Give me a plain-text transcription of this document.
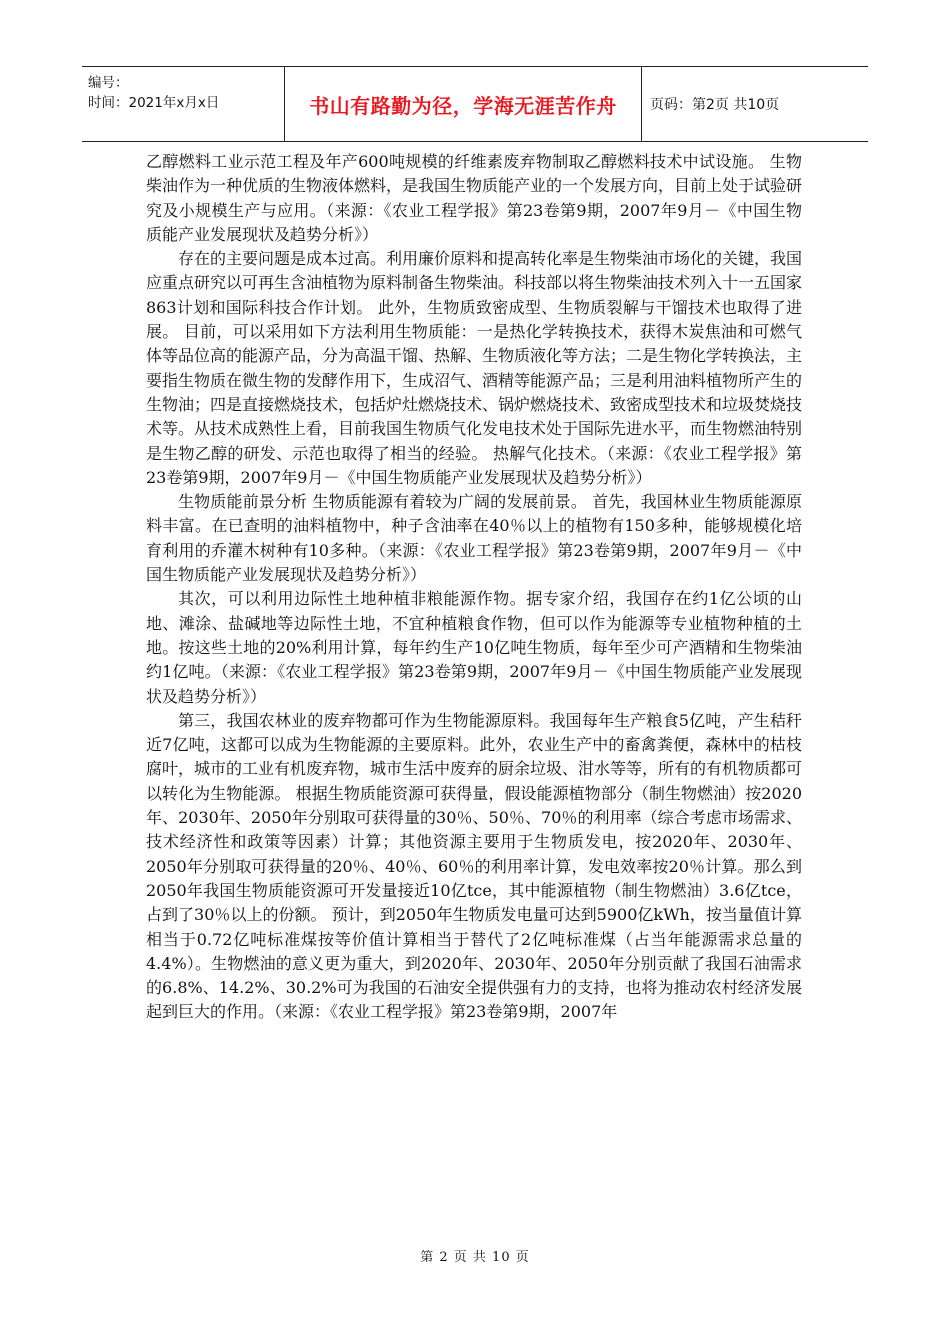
编号：
时间：2021年x月x日	书山有路勤为径，学海无涯苦作舟	页码：第2页 共10页

乙醇燃料工业示范工程及年产600吨规模的纤维素废弃物制取乙醇燃料技术中试设施。 生物柴油作为一种优质的生物液体燃料，是我国生物质能产业的一个发展方向，目前上处于试验研究及小规模生产与应用。（来源：《农业工程学报》第23卷第9期，2007年9月－《中国生物质能产业发展现状及趋势分析》）

存在的主要问题是成本过高。利用廉价原料和提高转化率是生物柴油市场化的关键，我国应重点研究以可再生含油植物为原料制备生物柴油。科技部以将生物柴油技术列入十一五国家863计划和国际科技合作计划。 此外，生物质致密成型、生物质裂解与干馏技术也取得了进展。 目前，可以采用如下方法利用生物质能：一是热化学转换技术，获得木炭焦油和可燃气体等品位高的能源产品，分为高温干馏、热解、生物质液化等方法；二是生物化学转换法，主要指生物质在微生物的发酵作用下，生成沼气、酒精等能源产品；三是利用油料植物所产生的生物油；四是直接燃烧技术，包括炉灶燃烧技术、锅炉燃烧技术、致密成型技术和垃圾焚烧技术等。从技术成熟性上看，目前我国生物质气化发电技术处于国际先进水平，而生物燃油特别是生物乙醇的研发、示范也取得了相当的经验。 热解气化技术。（来源：《农业工程学报》第23卷第9期，2007年9月－《中国生物质能产业发展现状及趋势分析》）

生物质能前景分析 生物质能源有着较为广阔的发展前景。 首先，我国林业生物质能源原料丰富。在已查明的油料植物中，种子含油率在40％以上的植物有150多种，能够规模化培育利用的乔灌木树种有10多种。（来源：《农业工程学报》第23卷第9期，2007年9月－《中国生物质能产业发展现状及趋势分析》）

其次，可以利用边际性土地种植非粮能源作物。据专家介绍，我国存在约1亿公顷的山地、滩涂、盐碱地等边际性土地，不宜种植粮食作物，但可以作为能源等专业植物种植的土地。按这些土地的20%利用计算，每年约生产10亿吨生物质，每年至少可产酒精和生物柴油约1亿吨。（来源：《农业工程学报》第23卷第9期，2007年9月－《中国生物质能产业发展现状及趋势分析》）

第三，我国农林业的废弃物都可作为生物能源原料。我国每年生产粮食5亿吨，产生秸秆近7亿吨，这都可以成为生物能源的主要原料。此外，农业生产中的畜禽粪便，森林中的枯枝腐叶，城市的工业有机废弃物，城市生活中废弃的厨余垃圾、泔水等等，所有的有机物质都可以转化为生物能源。 根据生物质能资源可获得量，假设能源植物部分（制生物燃油）按2020年、2030年、2050年分别取可获得量的30％、50％、70％的利用率（综合考虑市场需求、技术经济性和政策等因素）计算；其他资源主要用于生物质发电，按2020年、2030年、2050年分别取可获得量的20％、40％、60％的利用率计算，发电效率按20％计算。那么到2050年我国生物质能资源可开发量接近10亿tce，其中能源植物（制生物燃油）3.6亿tce，占到了30％以上的份额。 预计，到2050年生物质发电量可达到5900亿kWh，按当量值计算相当于0.72亿吨标准煤按等价值计算相当于替代了2亿吨标准煤（占当年能源需求总量的4.4%）。生物燃油的意义更为重大，到2020年、2030年、2050年分别贡献了我国石油需求的6.8%、14.2%、30.2%可为我国的石油安全提供强有力的支持，也将为推动农村经济发展起到巨大的作用。（来源：《农业工程学报》第23卷第9期，2007年

第 2 页 共 10 页
